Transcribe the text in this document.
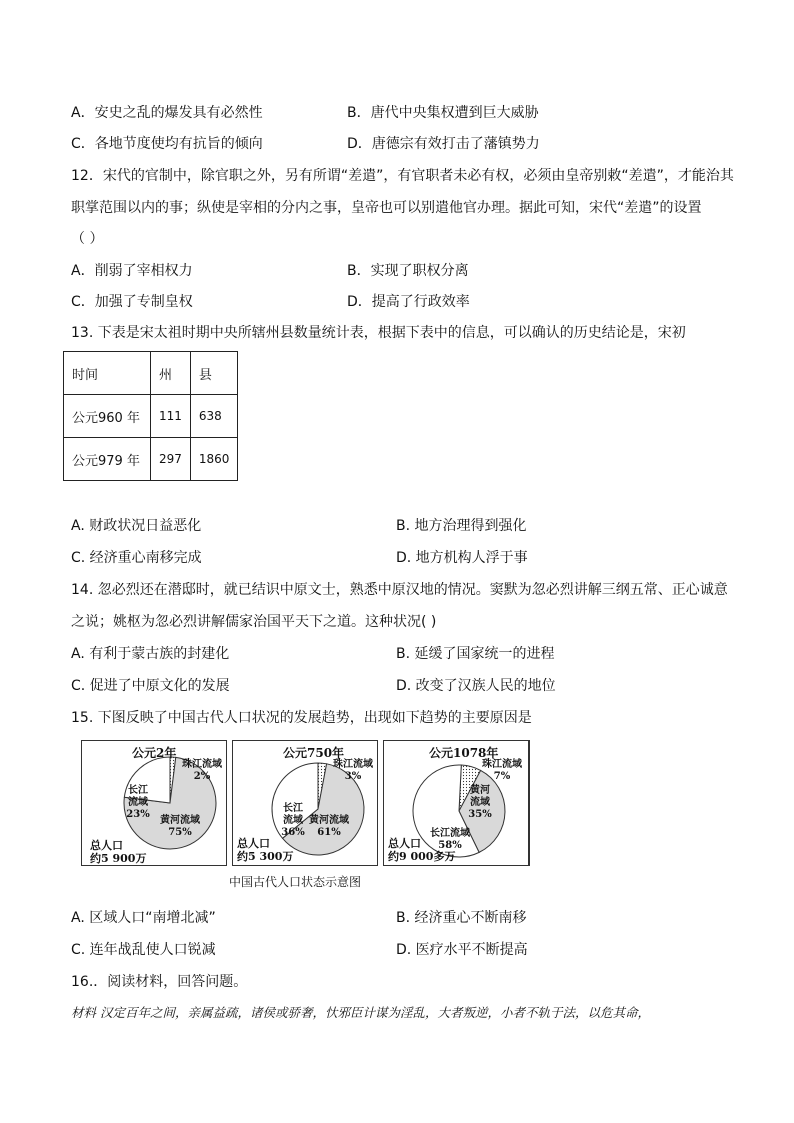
A．安史之乱的爆发具有必然性	B．唐代中央集权遭到巨大威胁
C．各地节度使均有抗旨的倾向	D．唐德宗有效打击了藩镇势力
12．宋代的官制中，除官职之外，另有所谓“差遣”，有官职者未必有权，必须由皇帝别敕“差遣”，才能治其
职掌范围以内的事；纵使是宰相的分内之事，皇帝也可以别遣他官办理。据此可知，宋代“差遣”的设置
（ ）
A．削弱了宰相权力	B．实现了职权分离
C．加强了专制皇权	D．提高了行政效率
13. 下表是宋太祖时期中央所辖州县数量统计表，根据下表中的信息，可以确认的历史结论是，宋初
时间	州	县
公元960 年	111	638
公元979 年	297	1860
A. 财政状况日益恶化	B. 地方治理得到强化
C. 经济重心南移完成	D. 地方机构人浮于事
14. 忽必烈还在潜邸时，就已结识中原文士，熟悉中原汉地的情况。窦默为忽必烈讲解三纲五常、正心诚意
之说；姚枢为忽必烈讲解儒家治国平天下之道。这种状况( )
A. 有利于蒙古族的封建化	B. 延缓了国家统一的进程
C. 促进了中原文化的发展	D. 改变了汉族人民的地位
15. 下图反映了中国古代人口状况的发展趋势，出现如下趋势的主要原因是
公元2年
黄河流域 75%
长江流域 23%
珠江流域 2%
总人口约5 900万
公元750年
黄河流域 61%
长江流域 36%
珠江流域 3%
总人口约5 300万
公元1078年
黄河流域 35%
长江流域 58%
珠江流域 7%
总人口约9 000多万
中国古代人口状态示意图
A. 区域人口“南增北减”	B. 经济重心不断南移
C. 连年战乱使人口锐减	D. 医疗水平不断提高
16.．阅读材料，回答问题。
材料 汉定百年之间，亲属益疏，诸侯或骄奢，忕邪臣计谋为淫乱，大者叛逆，小者不轨于法，以危其命，
